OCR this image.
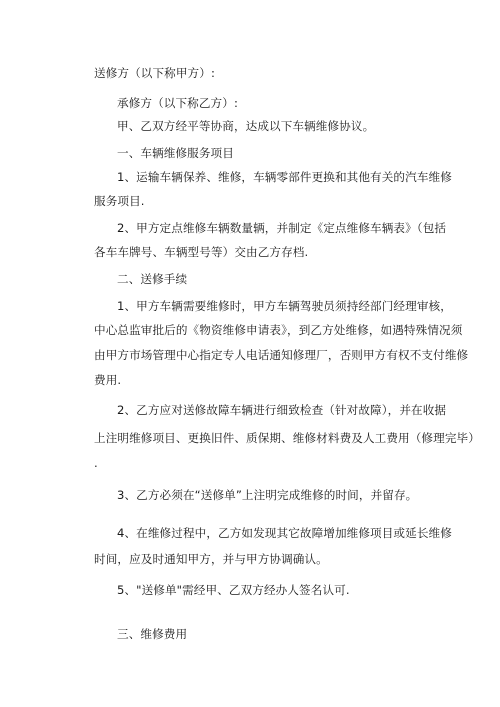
送修方（以下称甲方）:
承修方（以下称乙方）:
甲、乙双方经平等协商，达成以下车辆维修协议。
一、车辆维修服务项目
1、运输车辆保养、维修，车辆零部件更换和其他有关的汽车维修
服务项目.
2、甲方定点维修车辆数量辆，并制定《定点维修车辆表》（包括
各车车牌号、车辆型号等）交由乙方存档.
二、送修手续
1、甲方车辆需要维修时，甲方车辆驾驶员须持经部门经理审核，
中心总监审批后的《物资维修申请表》，到乙方处维修，如遇特殊情况须
由甲方市场管理中心指定专人电话通知修理厂，否则甲方有权不支付维修
费用.
2、乙方应对送修故障车辆进行细致检查（针对故障），并在收据
上注明维修项目、更换旧件、质保期、维修材料费及人工费用（修理完毕）
.
3、乙方必须在“送修单”上注明完成维修的时间，并留存。
4、在维修过程中，乙方如发现其它故障增加维修项目或延长维修
时间，应及时通知甲方，并与甲方协调确认。
5、"送修单"需经甲、乙双方经办人签名认可.
三、维修费用
